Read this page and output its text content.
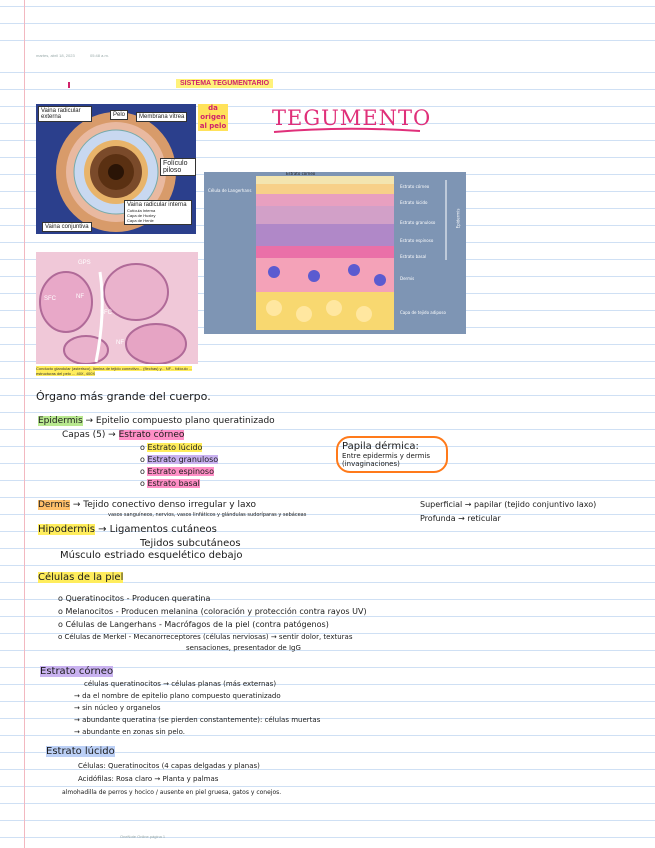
martes, abril 18, 2023	05:48 a.m.
SISTEMA TEGUMENTARIO
TEGUMENTO
Vaina radicular externa	Pelo	Membrana vítrea
Folículo piloso
Vaina radicular interna
Cutícula Interna
Capa de Huxley
Capa de Henle
Vaina conjuntiva
da origen al pelo
GPS
SFC	NF
SFC
NF
Conducto glandular (asterisco), lámina de tejido conectivo... (flechas) y... NF... folículo ... estructuras del pelo ... 40X, 400X
Estrato córneo
Célula de Langerhans
Estrato córneo
Estrato lúcido
Estrato granuloso
Estrato espinoso
Estrato basal
Dermis
Capa de tejido adiposo
Epidermis
Órgano más grande del cuerpo.
Epidermis → Epitelio compuesto plano queratinizado
Capas (5) → Estrato córneo
o Estrato lúcido
o Estrato granuloso
o Estrato espinoso
o Estrato basal
Papila dérmica:
Entre epidermis y dermis
(invaginaciones)
Dermis → Tejido conectivo denso irregular y laxo
vasos sanguíneos, nervios, vasos linfáticos y glándulas sudoríparas y sebáceas
Superficial → papilar (tejido conjuntivo laxo)
Profunda → reticular
Hipodermis → Ligamentos cutáneos
Tejidos subcutáneos
Músculo estriado esquelético debajo
Células de la piel
o Queratinocitos - Producen queratina
o Melanocitos - Producen melanina (coloración y protección contra rayos UV)
o Células de Langerhans - Macrófagos de la piel (contra patógenos)
o Células de Merkel - Mecanorreceptores (células nerviosas) → sentir dolor, texturas
sensaciones, presentador de IgG
Estrato córneo
células queratinocitos → células planas (más externas)
→ da el nombre de epitelio plano compuesto queratinizado
→ sin núcleo y organelos
→ abundante queratina (se pierden constantemente): células muertas
→ abundante en zonas sin pelo.
Estrato lúcido
Células: Queratinocitos (4 capas delgadas y planas)
Acidófilas: Rosa claro → Planta y palmas
almohadilla de perros y hocico / ausente en piel gruesa, gatos y conejos.
OneNote Online página 1
